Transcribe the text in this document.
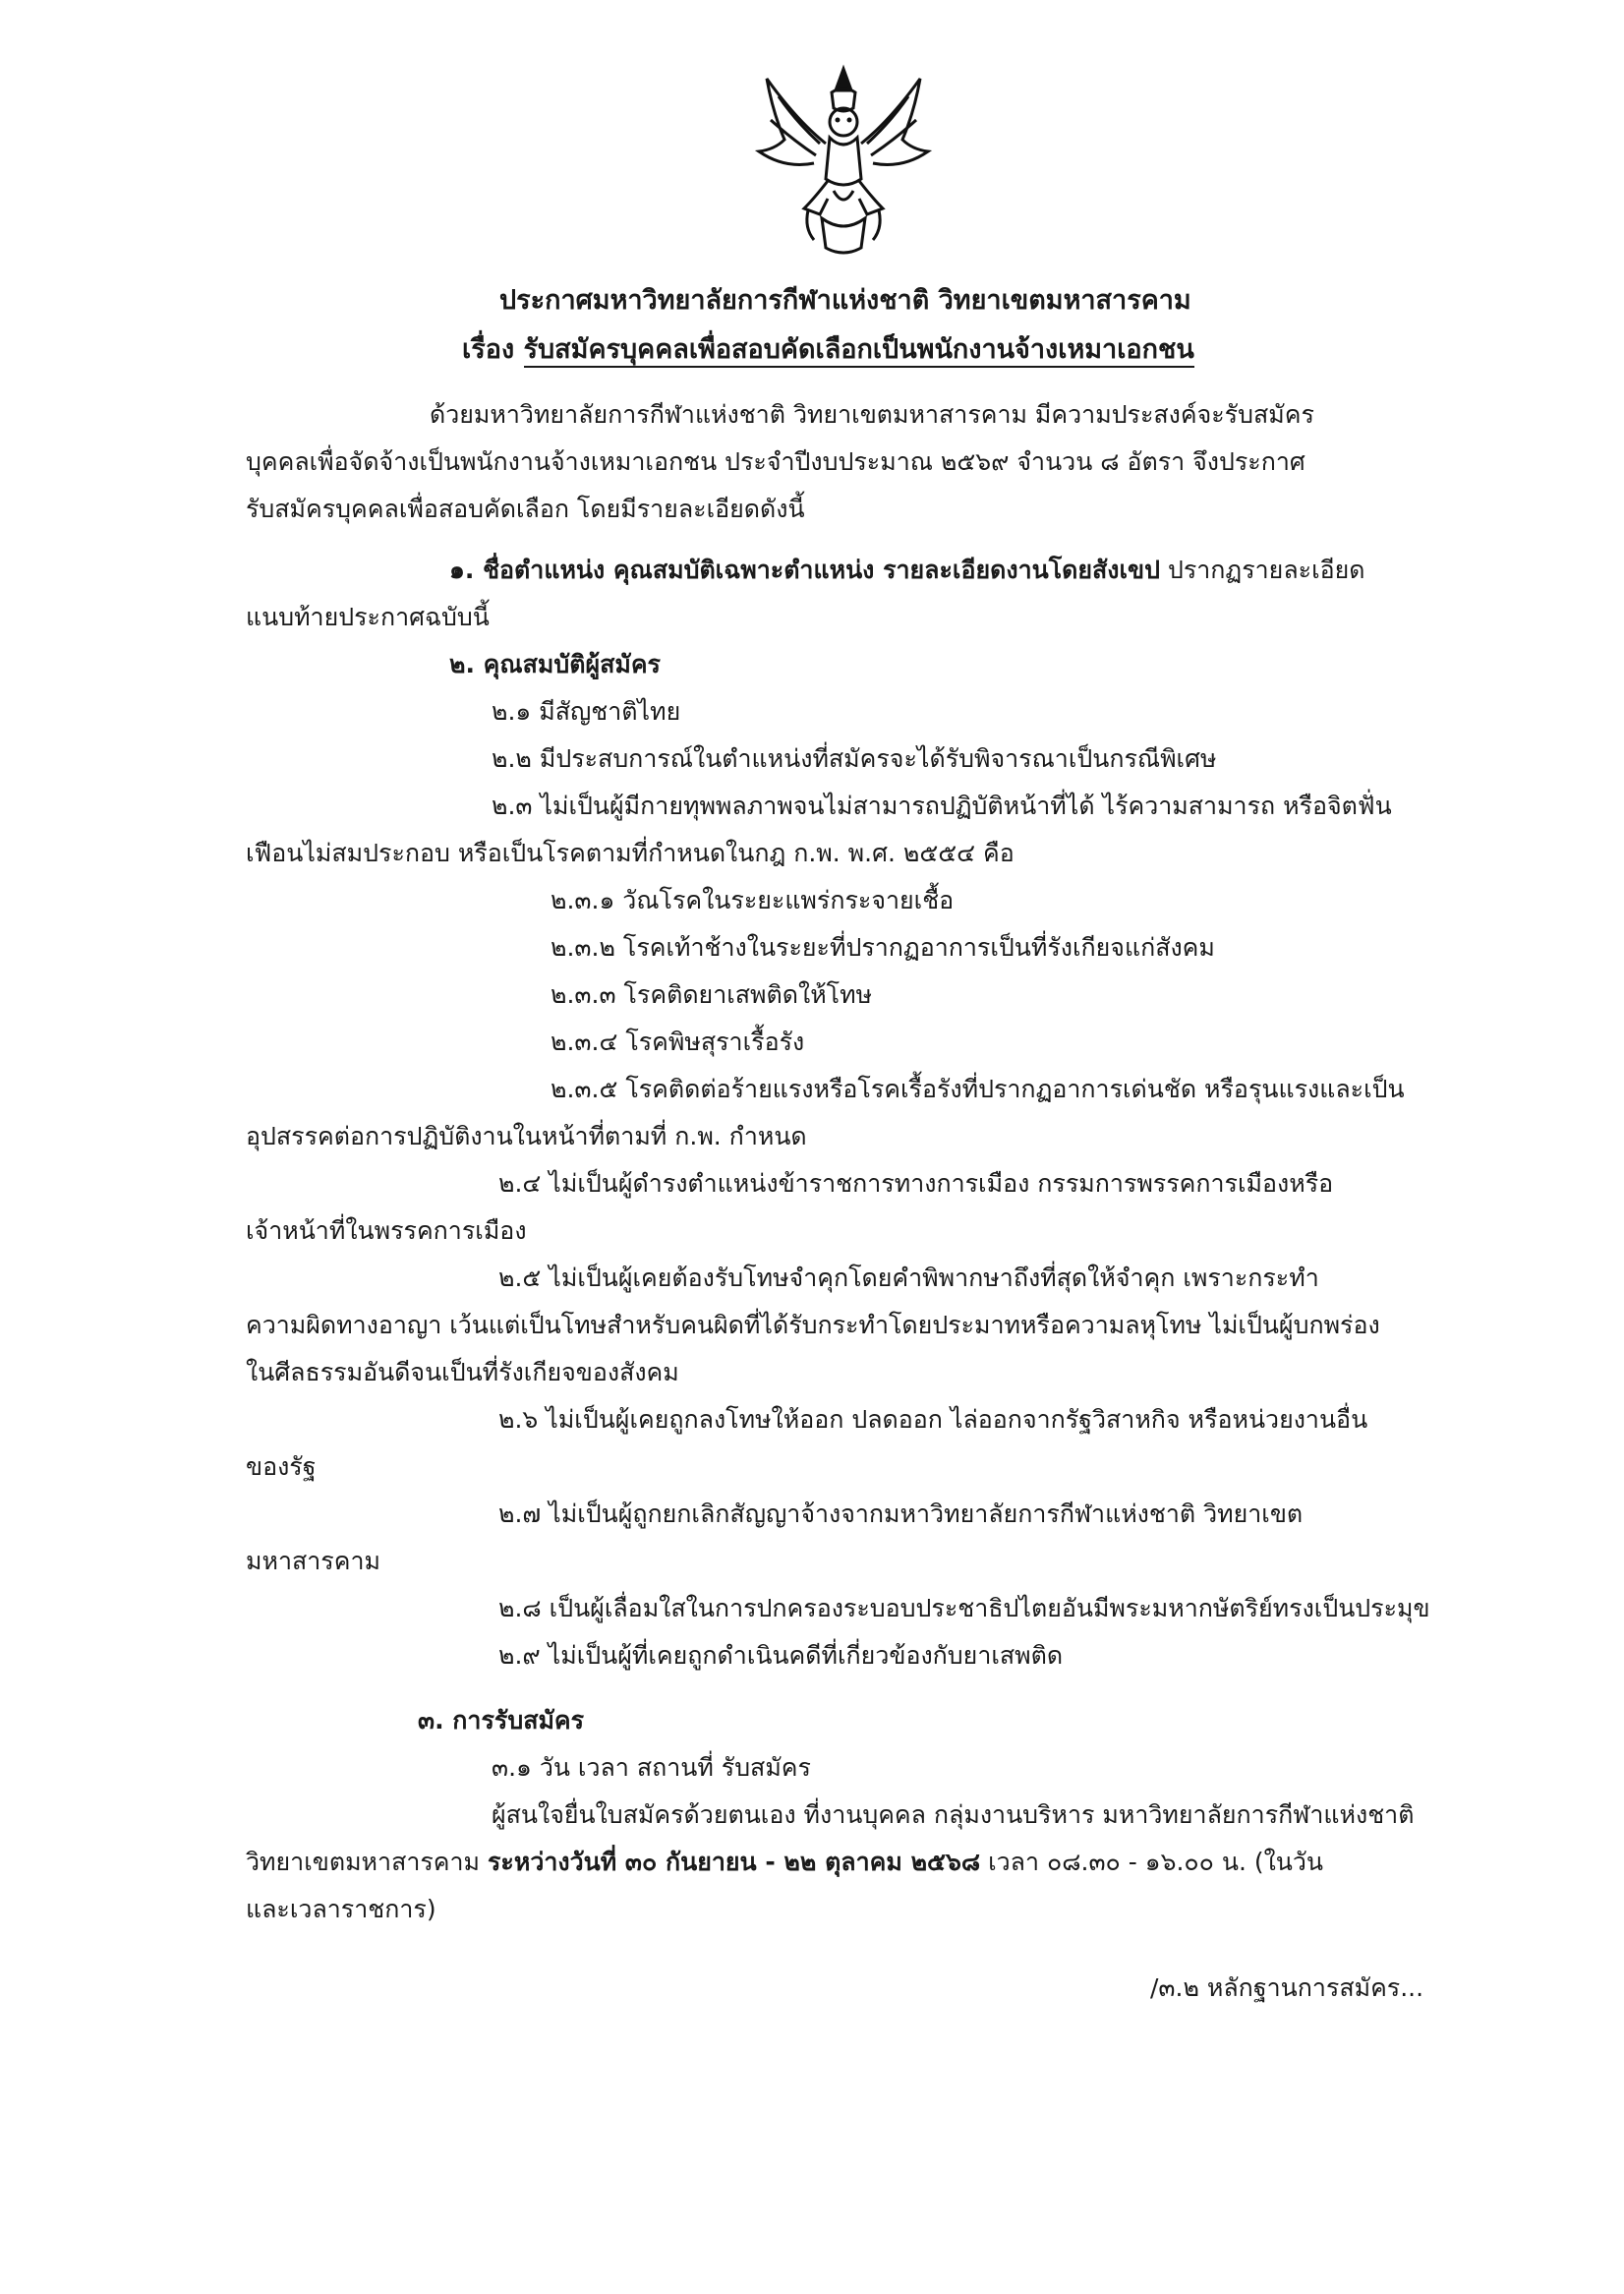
ประกาศมหาวิทยาลัยการกีฬาแห่งชาติ วิทยาเขตมหาสารคาม
เรื่อง รับสมัครบุคคลเพื่อสอบคัดเลือกเป็นพนักงานจ้างเหมาเอกชน
ด้วยมหาวิทยาลัยการกีฬาแห่งชาติ วิทยาเขตมหาสารคาม มีความประสงค์จะรับสมัคร
บุคคลเพื่อจัดจ้างเป็นพนักงานจ้างเหมาเอกชน ประจำปีงบประมาณ ๒๕๖๙ จำนวน ๘ อัตรา จึงประกาศ
รับสมัครบุคคลเพื่อสอบคัดเลือก โดยมีรายละเอียดดังนี้
๑. ชื่อตำแหน่ง คุณสมบัติเฉพาะตำแหน่ง รายละเอียดงานโดยสังเขป ปรากฏรายละเอียด
แนบท้ายประกาศฉบับนี้
๒. คุณสมบัติผู้สมัคร
๒.๑ มีสัญชาติไทย
๒.๒ มีประสบการณ์ในตำแหน่งที่สมัครจะได้รับพิจารณาเป็นกรณีพิเศษ
๒.๓ ไม่เป็นผู้มีกายทุพพลภาพจนไม่สามารถปฏิบัติหน้าที่ได้ ไร้ความสามารถ หรือจิตฟั่น
เฟือนไม่สมประกอบ หรือเป็นโรคตามที่กำหนดในกฎ ก.พ. พ.ศ. ๒๕๕๔ คือ
๒.๓.๑ วัณโรคในระยะแพร่กระจายเชื้อ
๒.๓.๒ โรคเท้าช้างในระยะที่ปรากฏอาการเป็นที่รังเกียจแก่สังคม
๒.๓.๓ โรคติดยาเสพติดให้โทษ
๒.๓.๔ โรคพิษสุราเรื้อรัง
๒.๓.๕ โรคติดต่อร้ายแรงหรือโรคเรื้อรังที่ปรากฏอาการเด่นชัด หรือรุนแรงและเป็น
อุปสรรคต่อการปฏิบัติงานในหน้าที่ตามที่ ก.พ. กำหนด
๒.๔ ไม่เป็นผู้ดำรงตำแหน่งข้าราชการทางการเมือง กรรมการพรรคการเมืองหรือ
เจ้าหน้าที่ในพรรคการเมือง
๒.๕ ไม่เป็นผู้เคยต้องรับโทษจำคุกโดยคำพิพากษาถึงที่สุดให้จำคุก เพราะกระทำ
ความผิดทางอาญา เว้นแต่เป็นโทษสำหรับคนผิดที่ได้รับกระทำโดยประมาทหรือความลหุโทษ ไม่เป็นผู้บกพร่อง
ในศีลธรรมอันดีจนเป็นที่รังเกียจของสังคม
๒.๖ ไม่เป็นผู้เคยถูกลงโทษให้ออก ปลดออก ไล่ออกจากรัฐวิสาหกิจ หรือหน่วยงานอื่น
ของรัฐ
๒.๗ ไม่เป็นผู้ถูกยกเลิกสัญญาจ้างจากมหาวิทยาลัยการกีฬาแห่งชาติ วิทยาเขต
มหาสารคาม
๒.๘ เป็นผู้เลื่อมใสในการปกครองระบอบประชาธิปไตยอันมีพระมหากษัตริย์ทรงเป็นประมุข
๒.๙ ไม่เป็นผู้ที่เคยถูกดำเนินคดีที่เกี่ยวข้องกับยาเสพติด
๓. การรับสมัคร
๓.๑ วัน เวลา สถานที่ รับสมัคร
ผู้สนใจยื่นใบสมัครด้วยตนเอง ที่งานบุคคล กลุ่มงานบริหาร มหาวิทยาลัยการกีฬาแห่งชาติ
วิทยาเขตมหาสารคาม ระหว่างวันที่ ๓๐ กันยายน - ๒๒ ตุลาคม ๒๕๖๘ เวลา ๐๘.๓๐ - ๑๖.๐๐ น. (ในวัน
และเวลาราชการ)
/๓.๒ หลักฐานการสมัคร...
